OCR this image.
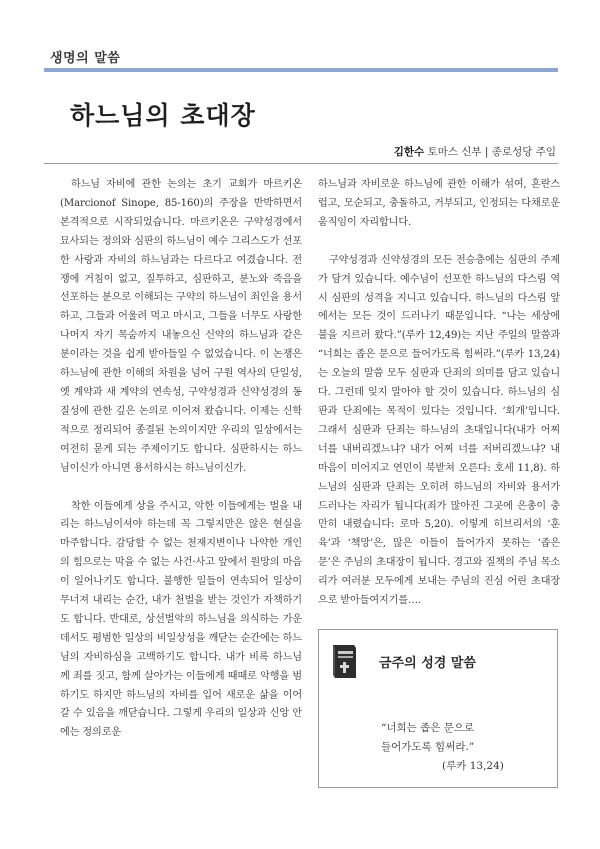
생명의 말씀
하느님의 초대장
김한수 토마스 신부 | 종로성당 주임

하느님 자비에 관한 논의는 초기 교회가 마르키온(Marcionof Sinope, 85-160)의 주장을 반박하면서 본격적으로 시작되었습니다. 마르키온은 구약성경에서 묘사되는 정의와 심판의 하느님이 예수 그리스도가 선포한 사랑과 자비의 하느님과는 다르다고 여겼습니다. 전쟁에 거침이 없고, 질투하고, 심판하고, 분노와 죽음을 선포하는 분으로 이해되는 구약의 하느님이 죄인을 용서하고, 그들과 어울려 먹고 마시고, 그들을 너무도 사랑한 나머지 자기 목숨까지 내놓으신 신약의 하느님과 같은 분이라는 것을 쉽게 받아들일 수 없었습니다. 이 논쟁은 하느님에 관한 이해의 차원을 넘어 구원 역사의 단일성, 옛 계약과 새 계약의 연속성, 구약성경과 신약성경의 동질성에 관한 깊은 논의로 이어져 왔습니다. 이제는 신학적으로 정리되어 종결된 논의이지만 우리의 일상에서는 여전히 묻게 되는 주제이기도 합니다. 심판하시는 하느님이신가 아니면 용서하시는 하느님이신가.

착한 이들에게 상을 주시고, 악한 이들에게는 벌을 내리는 하느님이셔야 하는데 꼭 그렇지만은 않은 현실을 마주합니다. 감당할 수 없는 천재지변이나 나약한 개인의 힘으로는 막을 수 없는 사건·사고 앞에서 원망의 마음이 일어나기도 합니다. 불행한 일들이 연속되어 일상이 무너져 내리는 순간, 내가 천벌을 받는 것인가 자책하기도 합니다. 반대로, 상선벌악의 하느님을 의식하는 가운데서도 평범한 일상의 비일상성을 깨닫는 순간에는 하느님의 자비하심을 고백하기도 합니다. 내가 비록 하느님께 죄를 짓고, 함께 살아가는 이들에게 때때로 악행을 범하기도 하지만 하느님의 자비를 입어 새로운 삶을 이어 갈 수 있음을 깨닫습니다. 그렇게 우리의 일상과 신앙 안에는 정의로운

하느님과 자비로운 하느님에 관한 이해가 섞여, 혼란스럽고, 모순되고, 충돌하고, 거부되고, 인정되는 다채로운 움직임이 자리합니다.

구약성경과 신약성경의 모든 전승층에는 심판의 주제가 담겨 있습니다. 예수님이 선포한 하느님의 다스림 역시 심판의 성격을 지니고 있습니다. 하느님의 다스림 앞에서는 모든 것이 드러나기 때문입니다. “나는 세상에 불을 지르러 왔다.”(루카 12,49)는 지난 주일의 말씀과 “너희는 좁은 문으로 들어가도록 힘써라.”(루카 13,24)는 오늘의 말씀 모두 심판과 단죄의 의미를 담고 있습니다. 그런데 잊지 말아야 할 것이 있습니다. 하느님의 심판과 단죄에는 목적이 있다는 것입니다. ‘회개’입니다. 그래서 심판과 단죄는 하느님의 초대입니다(내가 어찌 너를 내버리겠느냐? 내가 어찌 너를 저버리겠느냐? 내 마음이 미어지고 연민이 북받쳐 오른다: 호세 11,8). 하느님의 심판과 단죄는 오히려 하느님의 자비와 용서가 드러나는 자리가 됩니다(죄가 많아진 그곳에 은총이 충만히 내렸습니다: 로마 5,20). 이렇게 히브리서의 ‘훈육’과 ‘책망’은, 많은 이들이 들어가지 못하는 ‘좁은 문’은 주님의 초대장이 됩니다. 경고와 질책의 주님 목소리가 여러분 모두에게 보내는 주님의 진심 어린 초대장으로 받아들여지기를….

금주의 성경 말씀
“너희는 좁은 문으로
들어가도록 힘써라.”
(루카 13,24)
